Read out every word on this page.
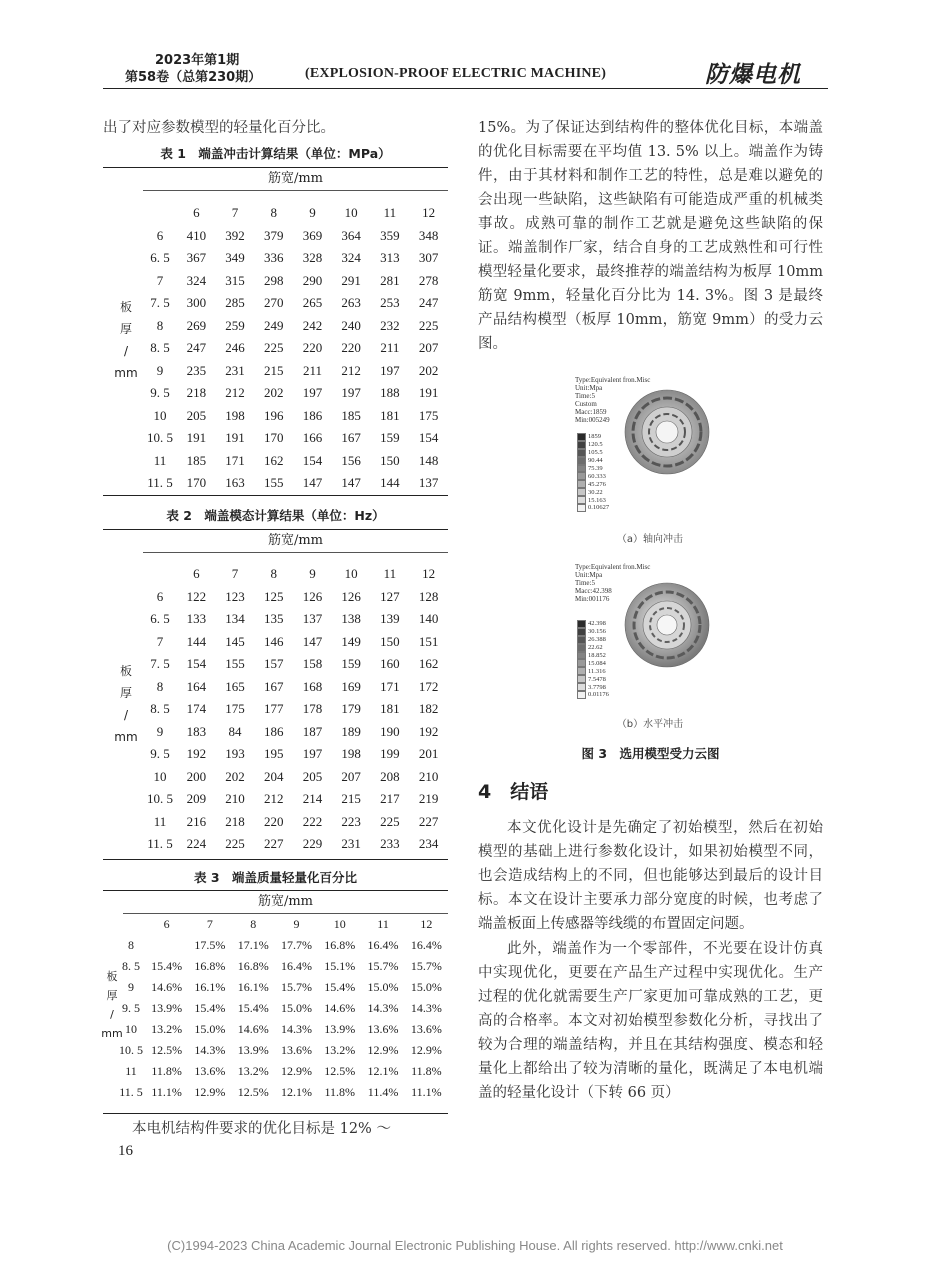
2023年第1期
第58卷（总第230期）	(EXPLOSION-PROOF ELECTRIC MACHINE)	防爆电机
出了对应参数模型的轻量化百分比。
表 1　端盖冲击计算结果（单位：MPa）
筋宽/mm
板
厚
/
mm
	6	7	8	9	10	11	12
6	410	392	379	369	364	359	348
6. 5	367	349	336	328	324	313	307
7	324	315	298	290	291	281	278
7. 5	300	285	270	265	263	253	247
8	269	259	249	242	240	232	225
8. 5	247	246	225	220	220	211	207
9	235	231	215	211	212	197	202
9. 5	218	212	202	197	197	188	191
10	205	198	196	186	185	181	175
10. 5	191	191	170	166	167	159	154
11	185	171	162	154	156	150	148
11. 5	170	163	155	147	147	144	137
表 2　端盖模态计算结果（单位：Hz）
筋宽/mm
板
厚
/
mm
	6	7	8	9	10	11	12
6	122	123	125	126	126	127	128
6. 5	133	134	135	137	138	139	140
7	144	145	146	147	149	150	151
7. 5	154	155	157	158	159	160	162
8	164	165	167	168	169	171	172
8. 5	174	175	177	178	179	181	182
9	183	84	186	187	189	190	192
9. 5	192	193	195	197	198	199	201
10	200	202	204	205	207	208	210
10. 5	209	210	212	214	215	217	219
11	216	218	220	222	223	225	227
11. 5	224	225	227	229	231	233	234
表 3　端盖质量轻量化百分比
筋宽/mm
板
厚
/
mm
	6	7	8	9	10	11	12
8		17.5%	17.1%	17.7%	16.8%	16.4%	16.4%
8. 5	15.4%	16.8%	16.8%	16.4%	15.1%	15.7%	15.7%
9	14.6%	16.1%	16.1%	15.7%	15.4%	15.0%	15.0%
9. 5	13.9%	15.4%	15.4%	15.0%	14.6%	14.3%	14.3%
10	13.2%	15.0%	14.6%	14.3%	13.9%	13.6%	13.6%
10. 5	12.5%	14.3%	13.9%	13.6%	13.2%	12.9%	12.9%
11	11.8%	13.6%	13.2%	12.9%	12.5%	12.1%	11.8%
11. 5	11.1%	12.9%	12.5%	12.1%	11.8%	11.4%	11.1%
本电机结构件要求的优化目标是 12% ～
16
15%。为了保证达到结构件的整体优化目标，本端盖的优化目标需要在平均值 13. 5% 以上。端盖作为铸件，由于其材料和制作工艺的特性，总是难以避免的会出现一些缺陷，这些缺陷有可能造成严重的机械类事故。成熟可靠的制作工艺就是避免这些缺陷的保证。端盖制作厂家，结合自身的工艺成熟性和可行性模型轻量化要求，最终推荐的端盖结构为板厚 10mm 筋宽 9mm，轻量化百分比为 14. 3%。图 3 是最终产品结构模型（板厚 10mm，筋宽 9mm）的受力云图。
Type:Equivalent fron.Misc
Unit:Mpa
Time:5
Custom
Macc:1859
Min:005249
1859
120.5
105.5
90.44
75.39
60.333
45.276
30.22
15.163
0.10627
（a）轴向冲击
Type:Equivalent fron.Misc
Unit:Mpa
Time:5
Macc:42.398
Min:001176
42.398
30.156
26.388
22.62
18.852
15.084
11.316
7.5478
3.7798
0.01176
（b）水平冲击
图 3　选用模型受力云图
4　结语
本文优化设计是先确定了初始模型，然后在初始模型的基础上进行参数化设计，如果初始模型不同，也会造成结构上的不同，但也能够达到最后的设计目标。本文在设计主要承力部分宽度的时候，也考虑了端盖板面上传感器等线缆的布置固定问题。
此外，端盖作为一个零部件，不光要在设计仿真中实现优化，更要在产品生产过程中实现优化。生产过程的优化就需要生产厂家更加可靠成熟的工艺，更高的合格率。本文对初始模型参数化分析，寻找出了较为合理的端盖结构，并且在其结构强度、模态和轻量化上都给出了较为清晰的量化，既满足了本电机端盖的轻量化设计（下转 66 页）
(C)1994-2023 China Academic Journal Electronic Publishing House. All rights reserved. http://www.cnki.net
